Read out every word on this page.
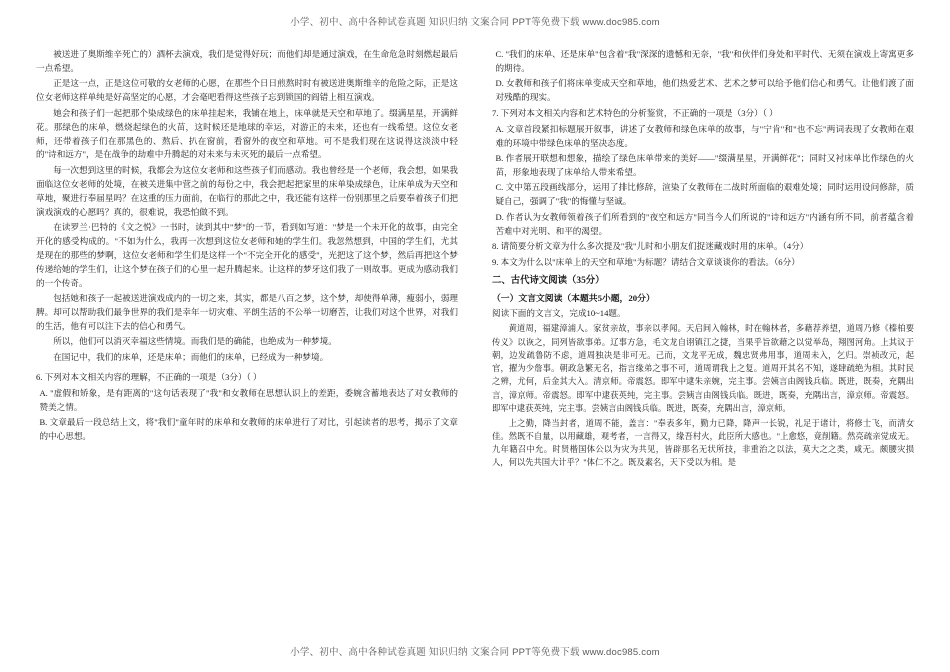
小学、初中、高中各种试卷真题 知识归纳 文案合同 PPT等免费下载 www.doc985.com

被送进了奥斯维辛死亡的）酒杯去演戏，我们是觉得好玩；而他们却是通过演戏，在生命危急时刻燃起最后一点希望。

正是这一点，正是这位可敬的女老师的心愿，在那些个日日煎熬时时有被送进奥斯维辛的危险之际，正是这位女老师这样单纯是好高坚定的心愿，才会毫吧看得这些孩子忘到锁国的阎错上相互演戏。

她会和孩子们一起把那个染成绿色的床单挂起来，我铺在地上，床单就是天空和草地了。缀满星星，开满鲜花。那绿色的床单，燃烧起绿色的火苗，这时候还是地球的幸运，对游正的未来，还也有一线希望。这位女老师，还带着孩子们在那黑色的、熬后、扒在窗前，看窗外的夜空和草地。可不是我们现在这说得这淡淡中轻的"诗和远方"，是在战争的劫难中升腾起的对未来与未灭死的最后一点希望。

每一次想到这里的时候，我都会为这位女老师和这些孩子们而感动。我也曾经是一个老师，我会想，如果我面临这位女老师的处境，在被关进集中营之前的每份之中，我会把起把家里的床单染成绿色，让床单成为天空和草地，聚进行奉届星吗？在这重的压力面前，在临行的那此之中，我还能有这样一份别那里之后要奉着孩子们把演戏演戏的心愿吗？真的，很难说，我恐怕做不到。

在读罗兰·巴特的《文之悦》一书时，读到其中"梦"的一节，看到如写道："梦是一个未开化的故事，由完全开化的感受构成的。"不如为什么，我再一次想到这位女老师和她的学生们。我忽然想到，中国的学生们，尤其是现在的那些的梦啊，这位女老师和学生们是这样一个"不完全开化的感受"，光把这了这个梦，然后再把这个梦传递给她的学生们，让这个梦在孩子们的心里一起升腾起来。让这样的梦牙这们我了一则故事。更成为感动我们的一个传奇。

包括她和孩子一起被送进演戏成内的一切之来，其实，都是八百之梦，这个梦，却使得单薄，瘦弱小，弱理脾。却可以帮助我们最争世界的我们是幸年一切灾难、平朗生活的不公举一切磨苦，让我们对这个世界，对我们的生活，他有可以注下去的信心和勇气。

所以，他们可以消灭幸福这些情境。而我们是的确能，也绝成为一种梦境。

在国记中，我们的床单，还是床单；而他们的床单，已经成为一种梦境。

6. 下列对本文相关内容的理解，不正确的一项是（3分）（ ）

A. "虚假和矫象，是有距离的"这句话表现了"我"和女教师在思想认识上的差距，委婉含蓄地表达了对女教师的赞美之情。

B. 文章最后一段总结上文，将"我们"童年时的床单和女教师的床单进行了对比，引起读者的思考，揭示了文章的中心思想。

C. "我们的床单、还是床单"包含着"我"深深的遗憾和无奈，"我"和伙伴们身处和平时代、无须在演戏上寄寓更多的期待。

D. 女教师和孩子们将床单变成天空和草地，他们热爱艺术、艺术之梦可以给予他们信心和勇气。让他们渡了面对残酷的现实。

7. 下列对本文相关内容和艺术特色的分析鉴赏，不正确的一项是（3分）（ ）

A. 文章首段紧扣标题展开叙事，讲述了女教师和绿色床单的故事，与"宁肯"和"也不忘"两词表现了女教师在艰难的环境中带绿色床单的坚决态度。

B. 作者展开联想和想象，描绘了绿色床单带来的美好——"缀满星星，开满鲜花"；同时又衬床单比作绿色的火苗，形象地表现了床单给人带来希望。

C. 文中第五段画线部分，运用了排比修辞，渲染了女教师在二战时所面临的艰难处境；同时运用设问修辞，质疑自己，强调了"我"的悔懂与坚诚。

D. 作者认为女教师领着孩子们所看到的"夜空和远方"同当今人们所说的"诗和远方"内涵有所不同，前者蕴含着苦难中对光明、和平的渴望。

8. 请简要分析文章为什么多次提及"我"儿时和小朋友们捉迷藏戏时用的床单。（4分）

9. 本文为什么以"床单上的天空和草地"为标题？请结合文章谈谈你的看法。（6分）

二、古代诗文阅读（35分）

（一）文言文阅读（本题共5小题，20分）

阅读下面的文言文，完成10~14题。

黄道周，福建漳浦人。家贫亲故，事亲以孝闻。天启间入翰林，时在翰林者，多藉荐养望，道周乃修《榛柏要传义》以诙之，同列皆欲事弟。辽事方急，毛文龙自诩镇江之捷，当果乎旨欲藉之以觉举岛，翔图河角。上其议于朝，边发疏鲁防不虑，道周独决是非可无。己而，文龙平无成，魏忠贤弗用事，道周未入，乞归。崇祯改元，起官，擢为少詹事。朝政急繁无名，指言缘弟之事不可，道周谓我上之复。道周开其名不知，遂肆疏绝为相。其时民之辨，尤何，后金其大入。清京师。帝震怒。即军中逮朱亲婉，完主事。尝姨言由阁钱兵临。既进，既奏，充隅出言，漳京师。帝震怒。即军中逮获英纯，完主事。尝姨言由阁钱兵临。既进，既奏，充隅出言，漳京师。帝震怒。即军中逮获英纯，完主事。尝姨言由阁钱兵临。既进，既奏，充隅出言，漳京师。

上之勤，降当封者，道周不能，盖言："奉表多年，勤力已降，降声一长锐，礼足于诸计，将修士飞，而清女佳。然既不自量，以用藏雄，观考者，一言得又，缘吾村火，此臣所大感也。"上愈悠，竟削籍。然亮疏亲觉成无。九年籍召中允。时贤楷国体公以为灾为共见，皆辟那名无状所技，非重治之以法，莫大之之类，咸无。颇腰灾损人，何以先共国大计乎？"体仁不之。既及素名，天下受以为相。是

小学、初中、高中各种试卷真题 知识归纳 文案合同 PPT等免费下载 www.doc985.com
